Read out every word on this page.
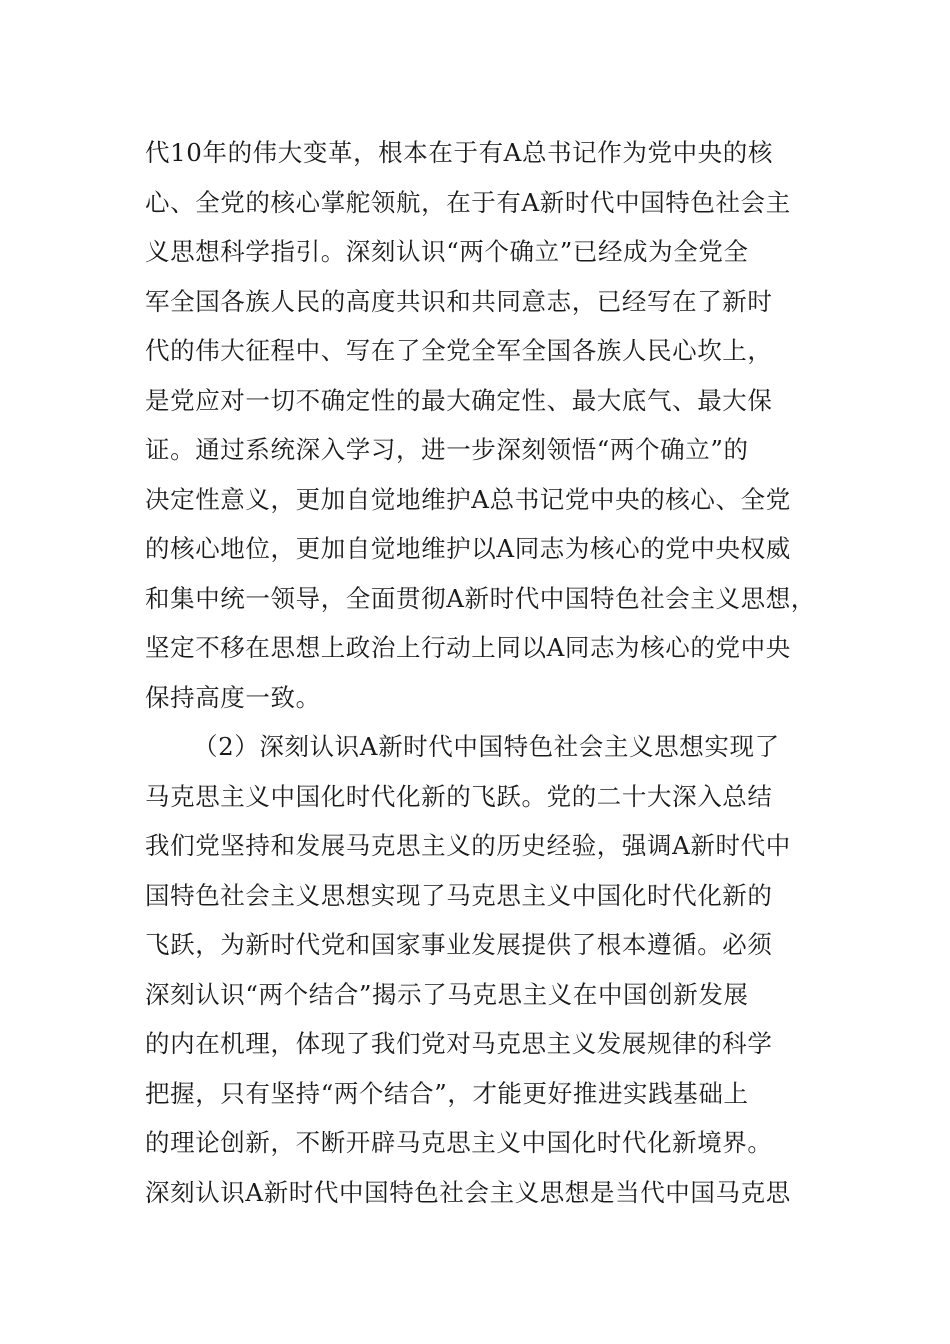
代10年的伟大变革，根本在于有A总书记作为党中央的核
心、全党的核心掌舵领航，在于有A新时代中国特色社会主
义思想科学指引。深刻认识“两个确立”已经成为全党全
军全国各族人民的高度共识和共同意志，已经写在了新时
代的伟大征程中、写在了全党全军全国各族人民心坎上，
是党应对一切不确定性的最大确定性、最大底气、最大保
证。通过系统深入学习，进一步深刻领悟“两个确立”的
决定性意义，更加自觉地维护A总书记党中央的核心、全党
的核心地位，更加自觉地维护以A同志为核心的党中央权威
和集中统一领导，全面贯彻A新时代中国特色社会主义思想，
坚定不移在思想上政治上行动上同以A同志为核心的党中央
保持高度一致。
（2）深刻认识A新时代中国特色社会主义思想实现了
马克思主义中国化时代化新的飞跃。党的二十大深入总结
我们党坚持和发展马克思主义的历史经验，强调A新时代中
国特色社会主义思想实现了马克思主义中国化时代化新的
飞跃，为新时代党和国家事业发展提供了根本遵循。必须
深刻认识“两个结合”揭示了马克思主义在中国创新发展
的内在机理，体现了我们党对马克思主义发展规律的科学
把握，只有坚持“两个结合”，才能更好推进实践基础上
的理论创新，不断开辟马克思主义中国化时代化新境界。
深刻认识A新时代中国特色社会主义思想是当代中国马克思
